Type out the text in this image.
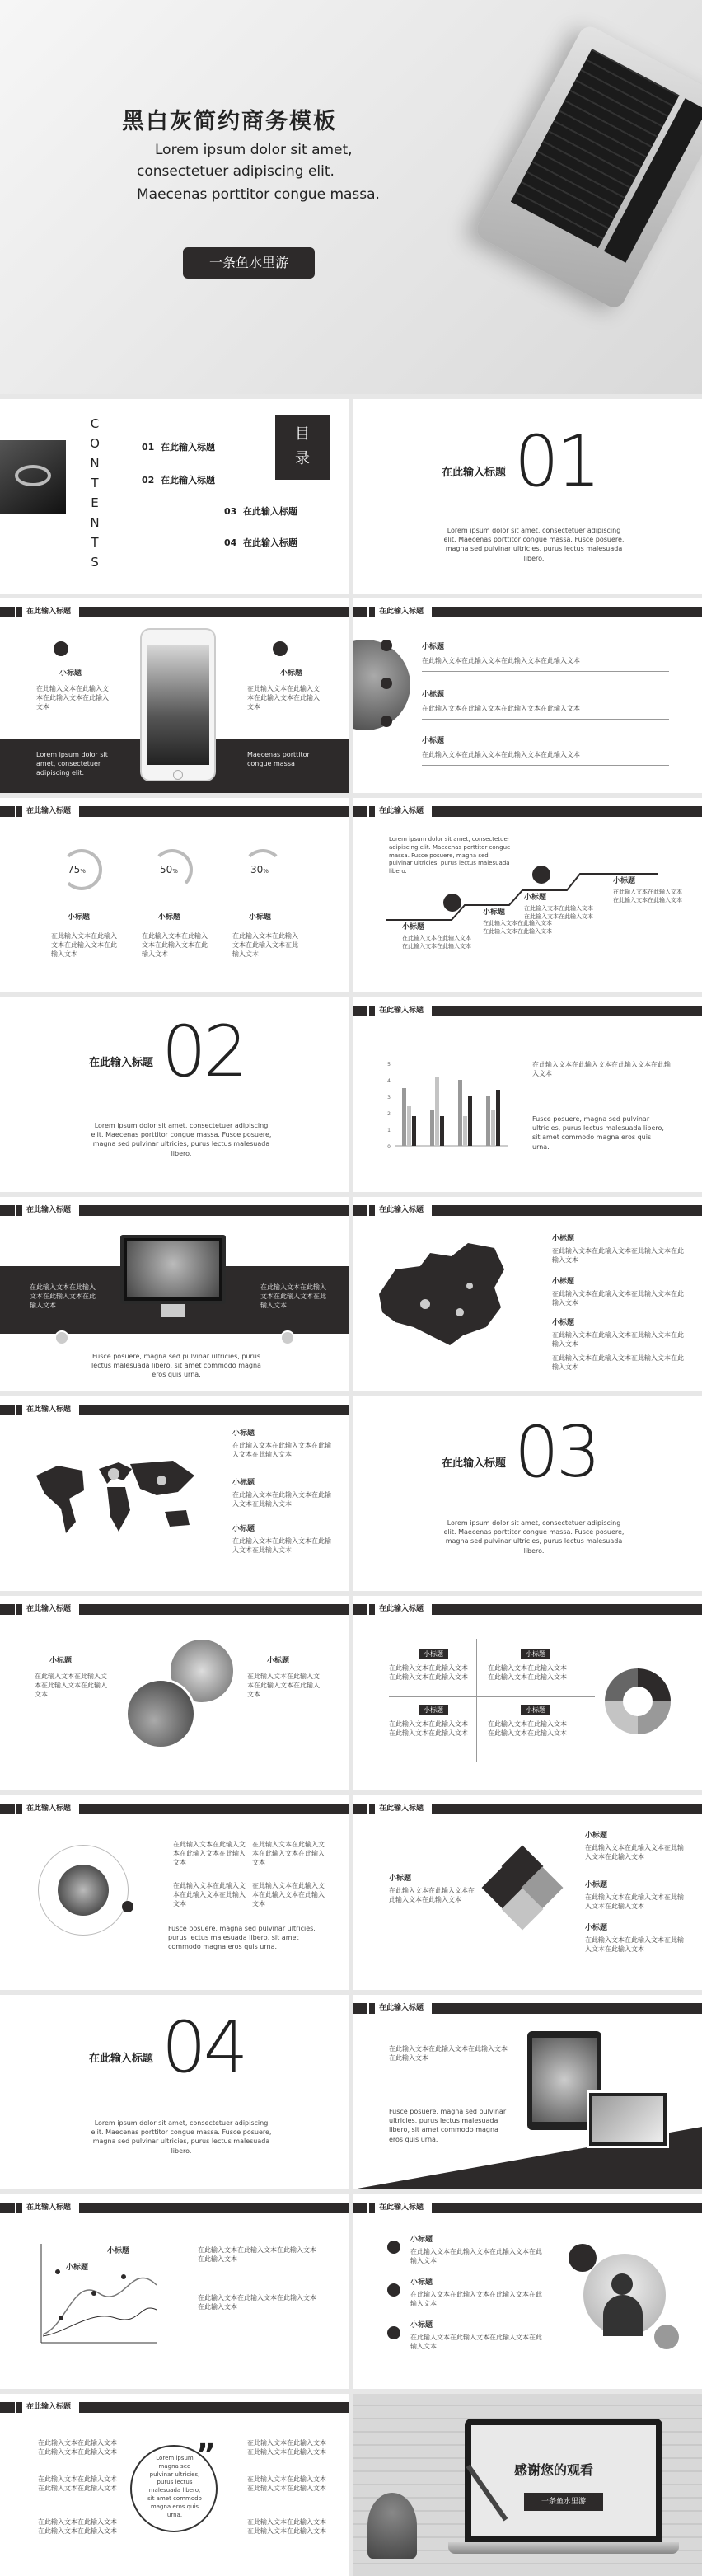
黑白灰简约商务模板
Lorem ipsum dolor sit amet,
consectetuer adipiscing elit.
Maecenas porttitor congue massa.
一条鱼水里游
C
O
N
T
E
N
T
S
目
录
01 在此输入标题
02 在此输入标题
03 在此输入标题
04 在此输入标题
在此输入标题 01
Lorem ipsum dolor sit amet, consectetuer adipiscing elit. Maecenas porttitor congue massa. Fusce posuere, magna sed pulvinar ultricies, purus lectus malesuada libero.
在此输入标题
小标题
在此输入文本在此输入文本在此输入文本在此输入文本
小标题
在此输入文本在此输入文本在此输入文本在此输入文本
Lorem ipsum dolor sit amet, consectetuer adipiscing elit.
Maecenas porttitor congue massa
在此输入标题
小标题
在此输入文本在此输入文本在此输入文本在此输入文本
小标题
在此输入文本在此输入文本在此输入文本在此输入文本
小标题
在此输入文本在此输入文本在此输入文本在此输入文本
在此输入标题
75%	50%	30%
小标题
在此输入文本在此输入文本在此输入文本在此输入文本
小标题
在此输入文本在此输入文本在此输入文本在此输入文本
小标题
在此输入文本在此输入文本在此输入文本在此输入文本
在此输入标题
Lorem ipsum dolor sit amet, consectetuer adipiscing elit. Maecenas porttitor congue massa. Fusce posuere, magna sed pulvinar ultricies, purus lectus malesuada libero.
小标题
在此输入文本在此输入文本在此输入文本在此输入文本
小标题
在此输入文本在此输入文本在此输入文本在此输入文本
小标题
在此输入文本在此输入文本在此输入文本在此输入文本
小标题
在此输入文本在此输入文本在此输入文本在此输入文本
在此输入标题 02
Lorem ipsum dolor sit amet, consectetuer adipiscing elit. Maecenas porttitor congue massa. Fusce posuere, magna sed pulvinar ultricies, purus lectus malesuada libero.
在此输入标题
0
1
2
3
4
5	在此输入文本在此输入文本在此输入文本在此输入文本
Fusce posuere, magna sed pulvinar ultricies, purus lectus malesuada libero, sit amet commodo magna eros quis urna.
在此输入标题
在此输入文本在此输入文本在此输入文本在此输入文本
在此输入文本在此输入文本在此输入文本在此输入文本
Fusce posuere, magna sed pulvinar ultricies, purus lectus malesuada libero, sit amet commodo magna eros quis urna.
在此输入标题
小标题
在此输入文本在此输入文本在此输入文本在此输入文本
小标题
在此输入文本在此输入文本在此输入文本在此输入文本
小标题
在此输入文本在此输入文本在此输入文本在此输入文本
在此输入文本在此输入文本在此输入文本在此输入文本
在此输入标题
小标题
在此输入文本在此输入文本在此输入文本在此输入文本
小标题
在此输入文本在此输入文本在此输入文本在此输入文本
小标题
在此输入文本在此输入文本在此输入文本在此输入文本
在此输入标题 03
Lorem ipsum dolor sit amet, consectetuer adipiscing elit. Maecenas porttitor congue massa. Fusce posuere, magna sed pulvinar ultricies, purus lectus malesuada libero.
在此输入标题
小标题
在此输入文本在此输入文本在此输入文本在此输入文本
小标题
在此输入文本在此输入文本在此输入文本在此输入文本
在此输入标题
小标题
在此输入文本在此输入文本在此输入文本在此输入文本
小标题
在此输入文本在此输入文本在此输入文本在此输入文本
小标题
在此输入文本在此输入文本在此输入文本在此输入文本
小标题
在此输入文本在此输入文本在此输入文本在此输入文本
在此输入标题
在此输入文本在此输入文本在此输入文本在此输入文本
在此输入文本在此输入文本在此输入文本在此输入文本
在此输入文本在此输入文本在此输入文本在此输入文本
在此输入文本在此输入文本在此输入文本在此输入文本
Fusce posuere, magna sed pulvinar ultricies, purus lectus malesuada libero, sit amet commodo magna eros quis urna.
在此输入标题
小标题
在此输入文本在此输入文本在此输入文本在此输入文本
小标题
在此输入文本在此输入文本在此输入文本在此输入文本
小标题
在此输入文本在此输入文本在此输入文本在此输入文本
小标题
在此输入文本在此输入文本在此输入文本在此输入文本
在此输入标题 04
Lorem ipsum dolor sit amet, consectetuer adipiscing elit. Maecenas porttitor congue massa. Fusce posuere, magna sed pulvinar ultricies, purus lectus malesuada libero.
在此输入标题
在此输入文本在此输入文本在此输入文本在此输入文本
Fusce posuere, magna sed pulvinar ultricies, purus lectus malesuada libero, sit amet commodo magna eros quis urna.
在此输入标题
小标题
小标题	在此输入文本在此输入文本在此输入文本在此输入文本
在此输入文本在此输入文本在此输入文本在此输入文本
在此输入标题
小标题
在此输入文本在此输入文本在此输入文本在此输入文本
小标题
在此输入文本在此输入文本在此输入文本在此输入文本
小标题
在此输入文本在此输入文本在此输入文本在此输入文本
在此输入标题
”
Lorem ipsum magna sed pulvinar ultricies, purus lectus malesuada libero, sit amet commodo magna eros quis urna.
在此输入文本在此输入文本在此输入文本在此输入文本
在此输入文本在此输入文本在此输入文本在此输入文本
在此输入文本在此输入文本在此输入文本在此输入文本
在此输入文本在此输入文本在此输入文本在此输入文本
在此输入文本在此输入文本在此输入文本在此输入文本
在此输入文本在此输入文本在此输入文本在此输入文本
感谢您的观看
一条鱼水里游
